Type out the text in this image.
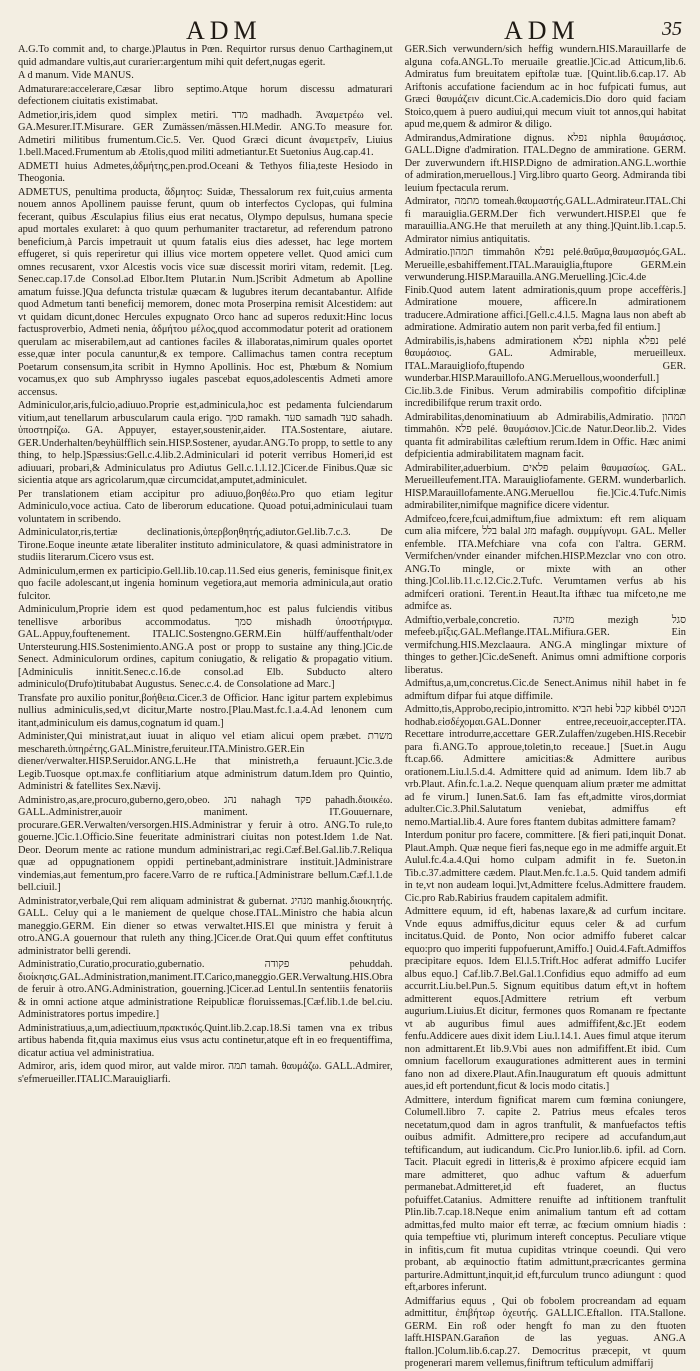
ADM	ADM	35

A.G.To commit and, to charge.)Plautus in Pœn. Requirtor rursus denuo Carthaginem,ut quid admandare vultis,aut curarier:argentum mihi quit defert,nugas egerit.

A d manum. Vide MANUS.

Admaturare:accelerare,Cæsar libro septimo.Atque horum discessu admaturari defectionem ciuitatis existimabat.

Admetior,iris,idem quod simplex metiri. מדד madhadh. Ἀναμετρέω vel. GA.Mesurer.IT.Misurare. GER Zumässen/mässen.HI.Medir. ANG.To measure for. Admetiri militibus frumentum.Cic.5. Ver. Quod Græci dicunt ἀναμετρεῖν, Liuius 1.bell.Maced.Frumentum ab Ætolis,quod militi admetiantur.Et Suetonius Aug.cap.41.

ADMETI huius Admetes,ἀδμήτης,pen.prod.Oceani & Tethyos filia,teste Hesiodo in Theogonia.

ADMETUS, penultima producta, ἄδμητος: Suidæ, Thessalorum rex fuit,cuius armenta nouem annos Apollinem pauisse ferunt, quum ob interfectos Cyclopas, qui fulmina fecerant, quibus Æsculapius filius eius erat necatus, Olympo depulsus, humana specie apud mortales exularet: à quo quum perhumaniter tractaretur, ad referendum patrono beneficium,à Parcis impetrauit ut quum fatalis eius dies adesset, hac lege mortem effugeret, si quis reperiretur qui illius vice mortem oppetere vellet. Quod amici cum omnes recusarent, vxor Alcestis vocis vice suæ discessit moriri vitam, redemit. [Leg. Senec.cap.17.de Consol.ad Elbor.Item Plutar.in Num.]Scribit Admetum ab Apolline amatum fuisse.]Qua defuncta tristulæ quæcam & lugubres iterum decantabantur. Alfide quod Admetum tanti beneficij memorem, donec mota Proserpina remisit Alcestidem: aut vt quidam dicunt,donec Hercules expugnato Orco hanc ad superos reduxit:Hinc locus factusproverbio, Admeti nenia, ἀδμήτου μέλος,quod accommodatur poterit ad orationem querulam ac miserabilem,aut ad cantiones faciles & illaboratas,nimirum quales oportet esse,quæ inter pocula canuntur,& ex tempore. Callimachus tamen contra receptum Poetarum consensum,ita scribit in Hymno Apollinis. Hoc est, Phœbum & Nomium vocamus,ex quo sub Amphrysso iugales pascebat equos,adolescentis Admeti amore accensus.

Adminiculor,aris,fulcio,adiuuo.Proprie est,adminicula,hoc est pedamenta fulciendarum vitium,aut tenellarum arbuscularum caula erigo. סמך ramakh. סעד samadh סעד sahadh. ὑποστηρίζω. GA. Appuyer, estayer,soustenir,aider. ITA.Sostentare, aiutare. GER.Underhalten/beyhülfflich sein.HISP.Sostener, ayudar.ANG.To propp, to settle to any thing, to help.]Spæssius:Gell.c.4.lib.2.Adminiculari id poterit verribus Homeri,id est adiuuari, probari,& Adminiculatus pro Adiutus Gell.c.1.l.12.]Cicer.de Finibus.Quæ sic sicientia atque ars agricolarum,quæ circumcidat,amputet,adminiculet.

Per translationem etiam accipitur pro adiuuo,βοηθέω.Pro quo etiam legitur Adminiculo,voce actiua. Cato de liberorum educatione. Quoad potui,adminiculaui tuam voluntatem in scribendo.

Adminiculator,ris,tertiæ declinationis,ὑπερβοηθητής,adiutor.Gel.lib.7.c.3. De Tirone.Eoque ineunte ætate liberaliter instituto adminiculatore, & quasi administratore in studiis literarum.Cicero vsus est.

Adminiculum,ermen ex participio.Gell.lib.10.cap.11.Sed eius generis, feminisque finit,ex quo facile adolescant,ut ingenia hominum vegetiora,aut memoria adminicula,aut oratio fulcitor.

Adminiculum,Proprie idem est quod pedamentum,hoc est palus fulciendis vitibus tenellisve arboribus accommodatus. סמך mishadh ὑποστήριγμα. GAL.Appuy,fouftenement. ITALIC.Sostengno.GERM.Ein hülff/auffenthalt/oder Untersteurung.HIS.Sostenimiento.ANG.A post or propp to sustaine any thing.]Cic.de Senect. Adminiculorum ordines, capitum coniugatio, & religatio & propagatio vitium. [Adminiculis innitit.Senec.c.16.de consol.ad Elb. Subducto altero adminiculo(Drufo)titubabat Augustus. Senec.c.4. de Consolatione ad Marc.]

Transfate pro auxilio ponitur,βοήθεια.Cicer.3 de Officior. Hanc igitur partem explebimus nullius adminiculis,sed,vt dicitur,Marte nostro.[Plau.Mast.fc.1.a.4.Ad lenonem cum itant,adminiculum eis damus,cognatum id quam.]

Administer,Qui ministrat,aut iuuat in aliquo vel etiam alicui opem præbet. משרת meschareth.ὑπηρέτης.GAL.Ministre,feruiteur.ITA.Ministro.GER.Ein diener/verwalter.HISP.Seruidor.ANG.L.He that ministreth,a feruaunt.]Cic.3.de Legib.Tuosque opt.max.fe conflitiarium atque administrum datum.Idem pro Quintio, Administri & fatellites Sex.Nævij.

Administro,as,are,procuro,guberno,gero,obeo. נהג nahagh פקד pahadh.διοικέω. GALL.Administrer,auoir maniment. IT.Gouuernare, procurare.GER.Verwalten/versorgen.HIS.Administrar y feruir à otro. ANG.To rule,to gouerne.]Cic.1.Officio.Sine feueritate administrari ciuitas non potest.Idem 1.de Nat. Deor. Deorum mente ac ratione mundum administrari,ac regi.Cæf.Bel.Gal.lib.7.Reliqua quæ ad oppugnationem oppidi pertinebant,administrare instituit.]Administrare vindemias,aut fementum,pro facere.Varro de re ruftica.[Administrare bellum.Cæf.l.1.de bell.ciuil.]

Administrator,verbale,Qui rem aliquam administrat & gubernat. מנהיג manhig.διοικητής. GALL. Celuy qui a le maniement de quelque chose.ITAL.Ministro che habia alcun maneggio.GERM. Ein diener so etwas verwaltet.HIS.El que ministra y feruit à otro.ANG.A gouernour that ruleth any thing.]Cicer.de Orat.Qui quum effet conftitutus administrator belli gerendi.

Administratio,Curatio,procuratio,gubernatio. פקודה pehuddah. διοίκησις.GAL.Administration,maniment.IT.Carico,maneggio.GER.Verwaltung.HIS.Obra de feruir à otro.ANG.Administration, gouerning.]Cicer.ad Lentul.In sententiis fenatoriis & in omni actione atque administratione Reipublicæ floruissemas.[Cæf.lib.1.de bel.ciu. Administratores portus impedire.]

Administratiuus,a,um,adiectiuum,πρακτικός.Quint.lib.2.cap.18.Si tamen vna ex tribus artibus habenda fit,quia maximus eius vsus actu continetur,atque eft in eo frequentiffima, dicatur actiua vel administratiua.

Admiror, aris, idem quod miror, aut valde miror. תמה tamah. θαυμάζω. GALL.Admirer, s'efmerueiller.ITALIC.Marauigliarfi.

GER.Sich verwundern/sich heffig wundern.HIS.Marauillarfe de alguna cofa.ANGL.To meruaile greatlie.]Cic.ad Atticum,lib.6. Admiratus fum breuitatem epiftolæ tuæ. [Quint.lib.6.cap.17. Ab Ariftonis accufatione faciendum ac in hoc fufpicati fumus, aut Græci θαυμάζειν dicunt.Cic.A.cademicis.Dio doro quid faciam Stoico,quem à puero audiui,qui mecum viuit tot annos,qui habitat apud me,quem & admiror & diligo.

Admirandus,Admiratione dignus. נפלא niphla θαυμάσιος. GALL.Digne d'admiration. ITAL.Degno de ammiratione. GERM. Der zuverwundern ift.HISP.Digno de admiration.ANG.L.worthie of admiration,meruellous.] Virg.libro quarto Georg. Admiranda tibi leuium fpectacula rerum.

Admirator, מתמה tomeah.θαυμαστής.GALL.Admirateur.ITAL.Chi fi marauiglia.GERM.Der fich verwundert.HISP.El que fe marauillia.ANG.He that meruileth at any thing.]Quint.lib.1.cap.5. Admirator nimius antiquitatis.

Admiratio.תמהון timmahôn נפלא pelé.θαῦμα,θαυμασμός.GAL. Merueille,esbahiffement.ITAL.Marauiglia,ftupore GERM.ein verwunderung.HISP.Marauilla.ANG.Meruelling.]Cic.4.de Finib.Quod autem latent admirationis,quum prope acceffèris.] Admiratione mouere, afficere.In admirationem traducere.Admiratione affici.[Gell.c.4.l.5. Magna laus non abeft ab admiratione. Admiratio autem non parit verba,fed fil entium.]

Admirabilis,is,habens admirationem נפלא niphla נפלא pelé θαυμάσιος. GAL. Admirable, merueilleux. ITAL.Marauigliofo,ftupendo GER. wunderbar.HISP.Marauillofo.ANG.Meruellous,woonderfull.] Cic.lib.3.de Finibus. Verum admirabilis compofitio difciplinæ incredibilifque rerum traxit ordo.

Admirabilitas,denominatiuum ab Admirabilis,Admiratio. תמהון timmahôn. פלא pelé. θαυμάσιον.]Cic.de Natur.Deor.lib.2. Vides quanta fit admirabilitas cæleftium rerum.Idem in Offic. Hæc animi defpicientia admirabilitatem magnam facit.

Admirabiliter,aduerbium. פלאים pelaim θαυμασίως. GAL. Merueilleufement.ITA. Marauigliofamente. GERM. wunderbarlich. HISP.Marauillofamente.ANG.Meruellou fie.]Cic.4.Tufc.Nimis admirabiliter,nimifque magnifice dicere videntur.

Admifceo,fcere,fcui,admiftum,fiue admixtum: eft rem aliquam cum alia mifcere, בלל balal מזג mafagh. συμμίγνυμι. GAL. Meller enfemble. ITA.Mefchiare vna cofa con l'altra. GERM. Vermifchen/vnder einander mifchen.HISP.Mezclar vno con otro. ANG.To mingle, or mixte with an other thing.]Col.lib.11.c.12.Cic.2.Tufc. Verumtamen verfus ab his admifceri orationi. Terent.in Heaut.Ita ifthæc tua mifceto,ne me admifce as.

Admiftio,verbale,concretio. מזיגה mezigh סגל mefeeb.μῖξις.GAL.Meflange.ITAL.Mifiura.GER. Ein vermifchung.HIS.Mezclaaura. ANG.A minglingar mixture of thinges to gether.]Cic.deSeneft. Animus omni admiftione corporis liberatus.

Admiftus,a,um,concretus.Cic.de Senect.Animus nihil habet in fe admiftum difpar fui atque diffimile.

Admitto,tis,Approbo,recipio,intromitto. הביא hebi קבל kibbél הכניס hodhab.εἰσδέχομαι.GAL.Donner entree,receuoir,accepter.ITA. Recettare introdurre,accettare GER.Zulaffen/zugeben.HIS.Recebir para fi.ANG.To approue,toletin,to receaue.] [Suet.in Augu ft.cap.66. Admittere amicitias:& Admittere auribus orationem.Liu.l.5.d.4. Admittere quid ad animum. Idem lib.7 ab vrb.Plaut. Afin.fc.1.a.2. Neque quenquam alium præter me admittat ad fe virum.] Iunen.Sat.6. Iam fas eft,admitte viros,dormiat adulter.Cic.3.Phil.Salutatum veniebat, admiffus eft nemo.Martial.lib.4. Aure fores ftantem dubitas admittere famam?

Interdum ponitur pro facere, committere. [& fieri pati,inquit Donat. Plaut.Amph. Quæ neque fieri fas,neque ego in me admiffe arguit.Et Aulul.fc.4.a.4.Qui homo culpam admifit in fe. Sueton.in Tib.c.37.admittere cædem. Plaut.Men.fc.1.a.5. Quid tandem admifi in te,vt non audeam loqui.]vt,Admittere fcelus.Admittere fraudem. Cic.pro Rab.Rabirius fraudem capitalem admifit.

Admittere equum, id eft, habenas laxare,& ad curfum incitare. Vnde equus admiffus,dicitur equus celer & ad curfum incitatus.Quid. de Ponto, Non ocior admiffo fuberet calcar equo:pro quo imperiti fuppofuerunt,Amiffo.] Ouid.4.Faft.Admiffos præcipitare equos. Idem El.l.5.Trift.Hoc adferat admiffo Lucifer albus equo.] Caf.lib.7.Bel.Gal.1.Confidius equo admiffo ad eum accurrit.Liu.bel.Pun.5. Signum equitibus datum eft,vt in hoftem admitterent equos.[Admittere retrium eft verbum augurium.Liuius.Et dicitur, fermones quos Romanam re fpectante vt ab auguribus fimul aues admiffifent,&c.]Et eodem fenfu.Addicere aues dixit idem Liu.l.14.1. Aues fimul atque iterum non admittarent.Et lib.9.Vbi aues non admififfent.Et ibid. Cum omnium facellorum exaugurationes admitterent aues in termini fano non ad dixere.Plaut.Afin.Inauguratum eft quouis admittunt aues,id eft portendunt,ficut & locis modo citatis.]

Admittere, interdum fignificat marem cum fœmina coniungere, Columell.libro 7. capite 2. Patrius meus efcales teros necetatum,quod dam in agros tranftulit, & manfuefactos teftis ouibus admifit. Admittere,pro recipere ad accufandum,aut teftificandum, aut iudicandum. Cic.Pro Iunior.lib.6. ipfil. ad Corn. Tacit. Placuit egredi in litteris,& è proximo afpicere ecquid iam mare admitteret, quo adhuc vaftum & aduerfum permanebat.Admitteret,id eft fuaderet, an fluctus pofuiffet.Catanius. Admittere renuifte ad inftitionem tranftulit Plin.lib.7.cap.18.Neque enim animalium tantum eft ad cottam admittas,fed multo maior eft terræ, ac fœcium omnium hiadis : quia tempeftiue vti, plurimum intereft conceptus. Peculiare vtique in infitis,cum fit mutua cupiditas vtrinque coeundi. Qui vero probant, ab æquinoctio ftatim admittunt,præcricantes germina parturire.Admittunt,inquit,id eft,furculum trunco adiungunt : quod eft,arbores inferunt.

Admiffarius equus , Qui ob fobolem procreandam ad equam admittitur, ἐπιβήτωρ ὀχευτής. GALLIC.Eftallon. ITA.Stallone. GERM. Ein roß oder hengft fo man zu den ftuoten lafft.HISPAN.Garañon de las yeguas. ANG.A ftallon.]Colum.lib.6.cap.27. Democritus præcepit, vt quum progenerari marem vellemus,finiftrum tefticulum admiffarij
